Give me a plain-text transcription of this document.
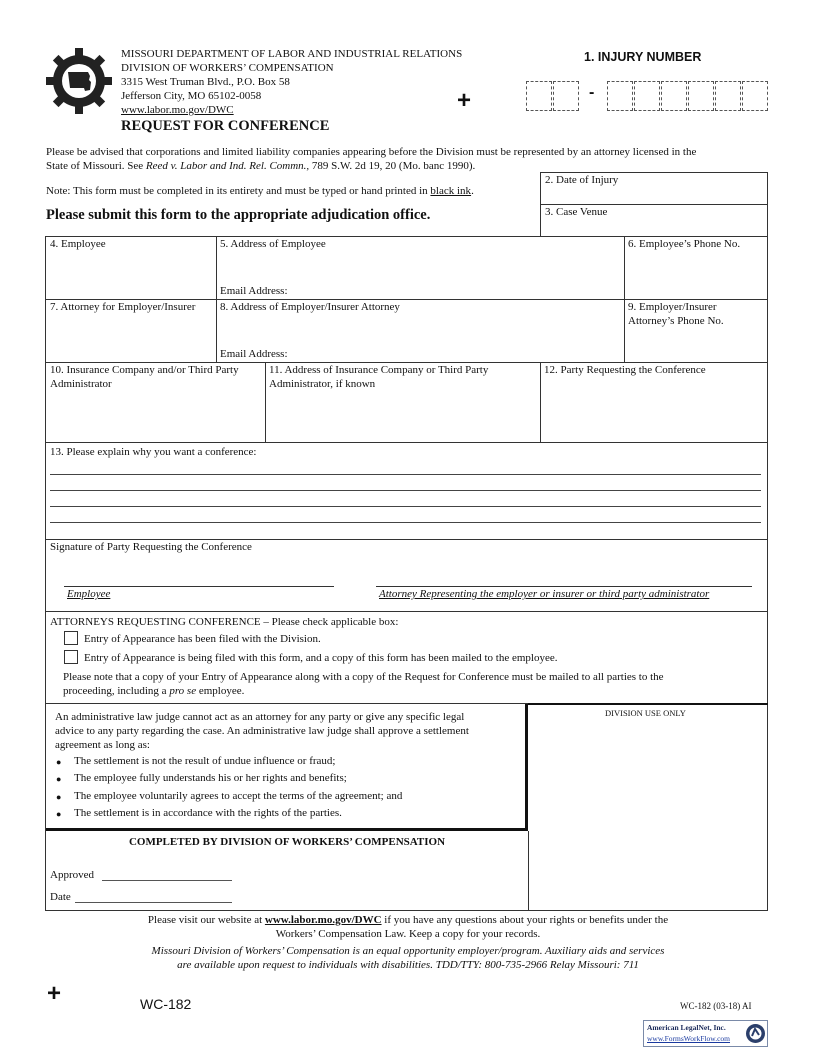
MISSOURI DEPARTMENT OF LABOR AND INDUSTRIAL RELATIONS
DIVISION OF WORKERS’ COMPENSATION
3315 West Truman Blvd., P.O. Box 58
Jefferson City, MO 65102-0058
www.labor.mo.gov/DWC
REQUEST FOR CONFERENCE
+
1. INJURY NUMBER
-
Please be advised that corporations and limited liability companies appearing before the Division must be represented by an attorney licensed in the
State of Missouri. See Reed v. Labor and Ind. Rel. Commn., 789 S.W. 2d 19, 20 (Mo. banc 1990).
Note: This form must be completed in its entirety and must be typed or hand printed in black ink.
Please submit this form to the appropriate adjudication office.
2. Date of Injury
3. Case Venue
4. Employee	5. Address of Employee
Email Address:
6. Employee’s Phone No.
7. Attorney for Employer/Insurer 8. Address of Employer/Insurer Attorney
Email Address:
9. Employer/Insurer
Attorney’s Phone No.
10. Insurance Company and/or Third Party
Administrator
11. Address of Insurance Company or Third Party
Administrator, if known
12. Party Requesting the Conference
13. Please explain why you want a conference:
Signature of Party Requesting the Conference
Employee	Attorney Representing the employer or insurer or third party administrator
ATTORNEYS REQUESTING CONFERENCE – Please check applicable box:
Entry of Appearance has been filed with the Division.
Entry of Appearance is being filed with this form, and a copy of this form has been mailed to the employee.
Please note that a copy of your Entry of Appearance along with a copy of the Request for Conference must be mailed to all parties to the
proceeding, including a pro se employee.
An administrative law judge cannot act as an attorney for any party or give any specific legal
advice to any party regarding the case. An administrative law judge shall approve a settlement
agreement as long as:
● The settlement is not the result of undue influence or fraud;
● The employee fully understands his or her rights and benefits;
● The employee voluntarily agrees to accept the terms of the agreement; and
● The settlement is in accordance with the rights of the parties.
DIVISION USE ONLY
COMPLETED BY DIVISION OF WORKERS’ COMPENSATION
Approved
Date
Please visit our website at www.labor.mo.gov/DWC if you have any questions about your rights or benefits under the
Workers’ Compensation Law. Keep a copy for your records.
Missouri Division of Workers’ Compensation is an equal opportunity employer/program. Auxiliary aids and services
are available upon request to individuals with disabilities. TDD/TTY: 800-735-2966 Relay Missouri: 711
+	WC-182	WC-182 (03-18) AI
American LegalNet, Inc.
www.FormsWorkFlow.com
